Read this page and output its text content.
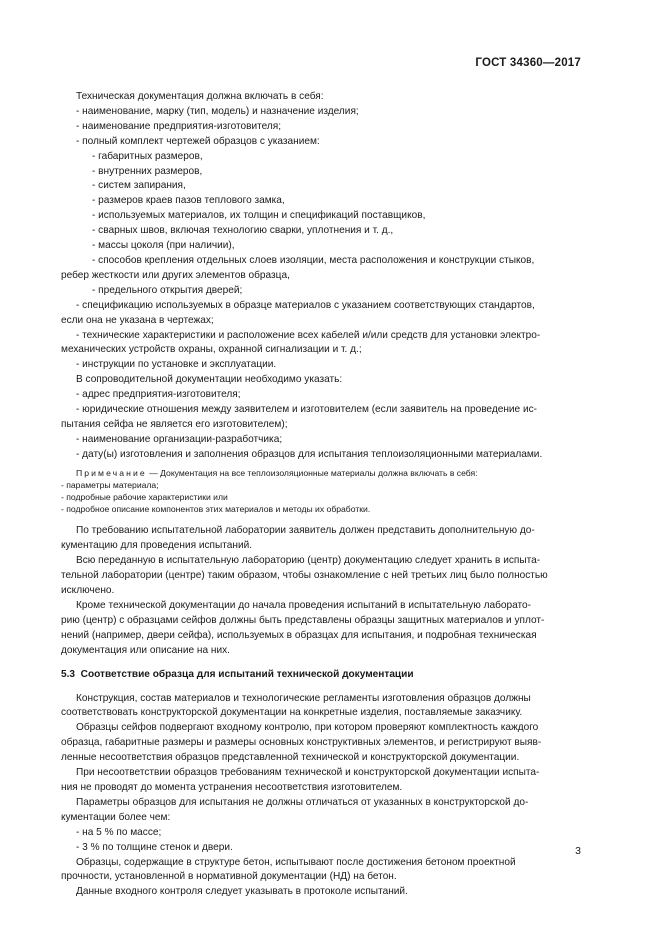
ГОСТ 34360—2017
Техническая документация должна включать в себя:
- наименование, марку (тип, модель) и назначение изделия;
- наименование предприятия-изготовителя;
- полный комплект чертежей образцов с указанием:
- габаритных размеров,
- внутренних размеров,
- систем запирания,
- размеров краев пазов теплового замка,
- используемых материалов, их толщин и спецификаций поставщиков,
- сварных швов, включая технологию сварки, уплотнения и т. д.,
- массы цоколя (при наличии),
- способов крепления отдельных слоев изоляции, места расположения и конструкции стыков,
ребер жесткости или других элементов образца,
- предельного открытия дверей;
- спецификацию используемых в образце материалов с указанием соответствующих стандартов,
если она не указана в чертежах;
- технические характеристики и расположение всех кабелей и/или средств для установки электро-
механических устройств охраны, охранной сигнализации и т. д.;
- инструкции по установке и эксплуатации.
В сопроводительной документации необходимо указать:
- адрес предприятия-изготовителя;
- юридические отношения между заявителем и изготовителем (если заявитель на проведение ис-
пытания сейфа не является его изготовителем);
- наименование организации-разработчика;
- дату(ы) изготовления и заполнения образцов для испытания теплоизоляционными материалами.
Примечание — Документация на все теплоизоляционные материалы должна включать в себя:
- параметры материала;
- подробные рабочие характеристики или
- подробное описание компонентов этих материалов и методы их обработки.
По требованию испытательной лаборатории заявитель должен представить дополнительную до-
кументацию для проведения испытаний.
Всю переданную в испытательную лабораторию (центр) документацию следует хранить в испыта-
тельной лаборатории (центре) таким образом, чтобы ознакомление с ней третьих лиц было полностью
исключено.
Кроме технической документации до начала проведения испытаний в испытательную лаборато-
рию (центр) с образцами сейфов должны быть представлены образцы защитных материалов и уплот-
нений (например, двери сейфа), используемых в образцах для испытания, и подробная техническая
документация или описание на них.
5.3 Соответствие образца для испытаний технической документации
Конструкция, состав материалов и технологические регламенты изготовления образцов должны
соответствовать конструкторской документации на конкретные изделия, поставляемые заказчику.
Образцы сейфов подвергают входному контролю, при котором проверяют комплектность каждого
образца, габаритные размеры и размеры основных конструктивных элементов, и регистрируют выяв-
ленные несоответствия образцов представленной технической и конструкторской документации.
При несоответствии образцов требованиям технической и конструкторской документации испыта-
ния не проводят до момента устранения несоответствия изготовителем.
Параметры образцов для испытания не должны отличаться от указанных в конструкторской до-
кументации более чем:
- на 5 % по массе;
- 3 % по толщине стенок и двери.
Образцы, содержащие в структуре бетон, испытывают после достижения бетоном проектной
прочности, установленной в нормативной документации (НД) на бетон.
Данные входного контроля следует указывать в протоколе испытаний.
3
